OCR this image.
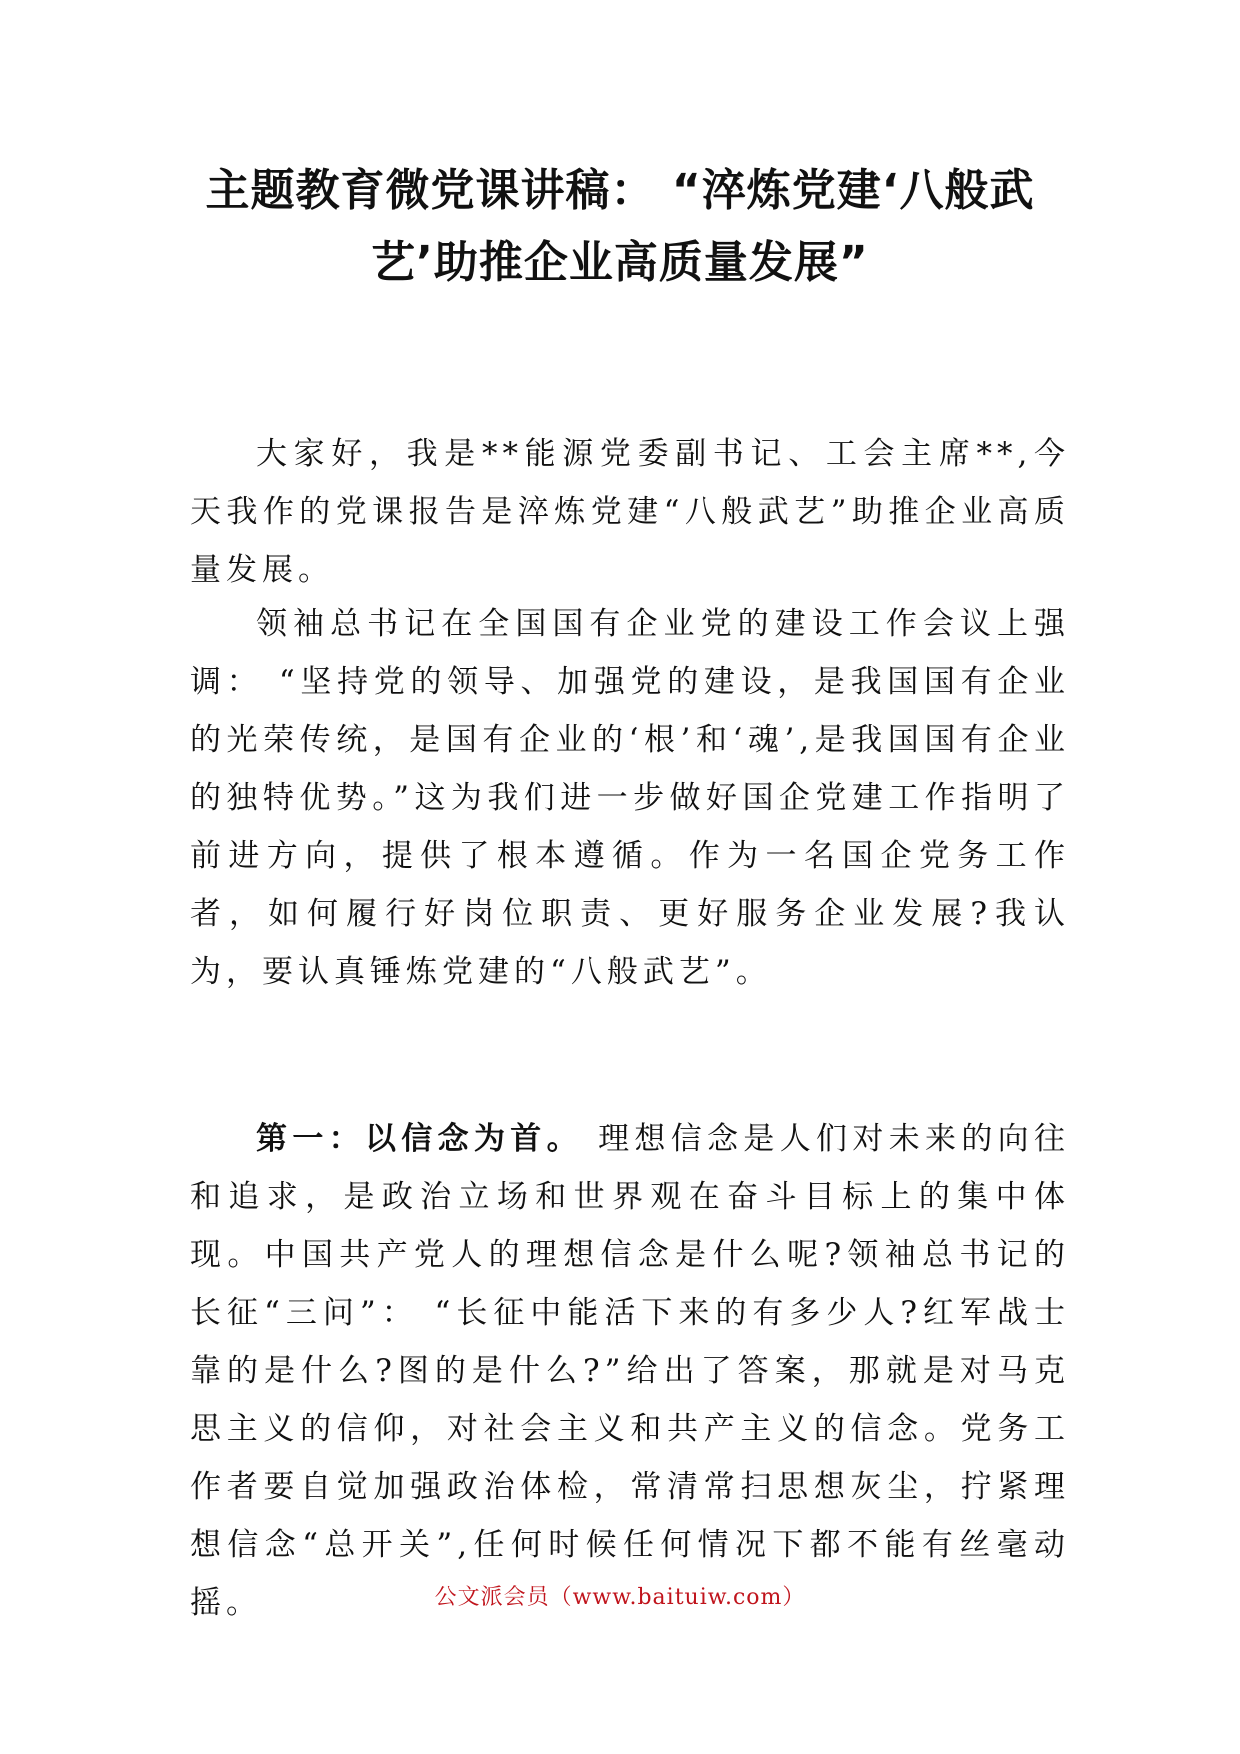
主题教育微党课讲稿： “淬炼党建‘八般武
艺’助推企业高质量发展”

大家好，我是**能源党委副书记、工会主席**,今天我作的党课报告是淬炼党建“八般武艺”助推企业高质量发展。

领袖总书记在全国国有企业党的建设工作会议上强调： “坚持党的领导、加强党的建设，是我国国有企业的光荣传统，是国有企业的‘根’和‘魂’,是我国国有企业的独特优势。”这为我们进一步做好国企党建工作指明了前进方向，提供了根本遵循。作为一名国企党务工作者，如何履行好岗位职责、更好服务企业发展?我认为，要认真锤炼党建的“八般武艺”。

第一：以信念为首。 理想信念是人们对未来的向往和追求，是政治立场和世界观在奋斗目标上的集中体现。中国共产党人的理想信念是什么呢?领袖总书记的长征“三问”： “长征中能活下来的有多少人?红军战士靠的是什么?图的是什么?”给出了答案，那就是对马克思主义的信仰，对社会主义和共产主义的信念。党务工作者要自觉加强政治体检，常清常扫思想灰尘，拧紧理想信念“总开关”,任何时候任何情况下都不能有丝毫动摇。	公文派会员（www.baituiw.com）
